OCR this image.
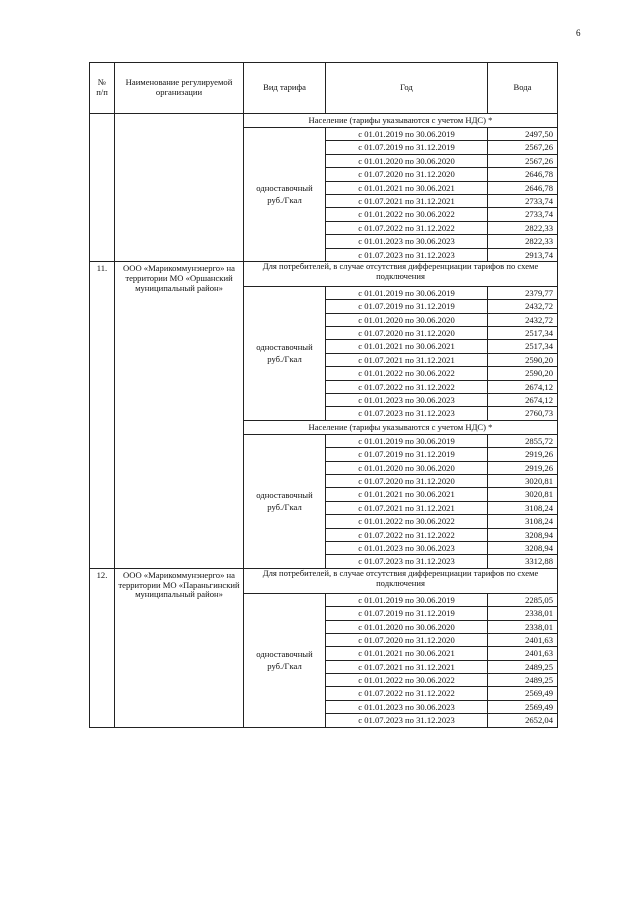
6
№
п/п	Наименование регулируемой организации	Вид тарифа	Год	Вода
		Население (тарифы указываются с учетом НДС) *		
		одноставочный руб./Гкал	с 01.01.2019 по 30.06.2019	2497,50
			с 01.07.2019 по 31.12.2019	2567,26
			с 01.01.2020 по 30.06.2020	2567,26
			с 01.07.2020 по 31.12.2020	2646,78
			с 01.01.2021 по 30.06.2021	2646,78
			с 01.07.2021 по 31.12.2021	2733,74
			с 01.01.2022 по 30.06.2022	2733,74
			с 01.07.2022 по 31.12.2022	2822,33
			с 01.01.2023 по 30.06.2023	2822,33
			с 01.07.2023 по 31.12.2023	2913,74
11.	ООО «Марикоммунэнерго» на территории МО «Оршанский муниципальный район»	Для потребителей, в случае отсутствия дифференциации тарифов по схеме подключения		
		одноставочный руб./Гкал	с 01.01.2019 по 30.06.2019	2379,77
			с 01.07.2019 по 31.12.2019	2432,72
			с 01.01.2020 по 30.06.2020	2432,72
			с 01.07.2020 по 31.12.2020	2517,34
			с 01.01.2021 по 30.06.2021	2517,34
			с 01.07.2021 по 31.12.2021	2590,20
			с 01.01.2022 по 30.06.2022	2590,20
			с 01.07.2022 по 31.12.2022	2674,12
			с 01.01.2023 по 30.06.2023	2674,12
			с 01.07.2023 по 31.12.2023	2760,73
		Население (тарифы указываются с учетом НДС) *		
		одноставочный руб./Гкал	с 01.01.2019 по 30.06.2019	2855,72
			с 01.07.2019 по 31.12.2019	2919,26
			с 01.01.2020 по 30.06.2020	2919,26
			с 01.07.2020 по 31.12.2020	3020,81
			с 01.01.2021 по 30.06.2021	3020,81
			с 01.07.2021 по 31.12.2021	3108,24
			с 01.01.2022 по 30.06.2022	3108,24
			с 01.07.2022 по 31.12.2022	3208,94
			с 01.01.2023 по 30.06.2023	3208,94
			с 01.07.2023 по 31.12.2023	3312,88
12.	ООО «Марикоммунэнерго» на территории МО «Параньгинский муниципальный район»	Для потребителей, в случае отсутствия дифференциации тарифов по схеме подключения		
		одноставочный руб./Гкал	с 01.01.2019 по 30.06.2019	2285,05
			с 01.07.2019 по 31.12.2019	2338,01
			с 01.01.2020 по 30.06.2020	2338,01
			с 01.07.2020 по 31.12.2020	2401,63
			с 01.01.2021 по 30.06.2021	2401,63
			с 01.07.2021 по 31.12.2021	2489,25
			с 01.01.2022 по 30.06.2022	2489,25
			с 01.07.2022 по 31.12.2022	2569,49
			с 01.01.2023 по 30.06.2023	2569,49
			с 01.07.2023 по 31.12.2023	2652,04
